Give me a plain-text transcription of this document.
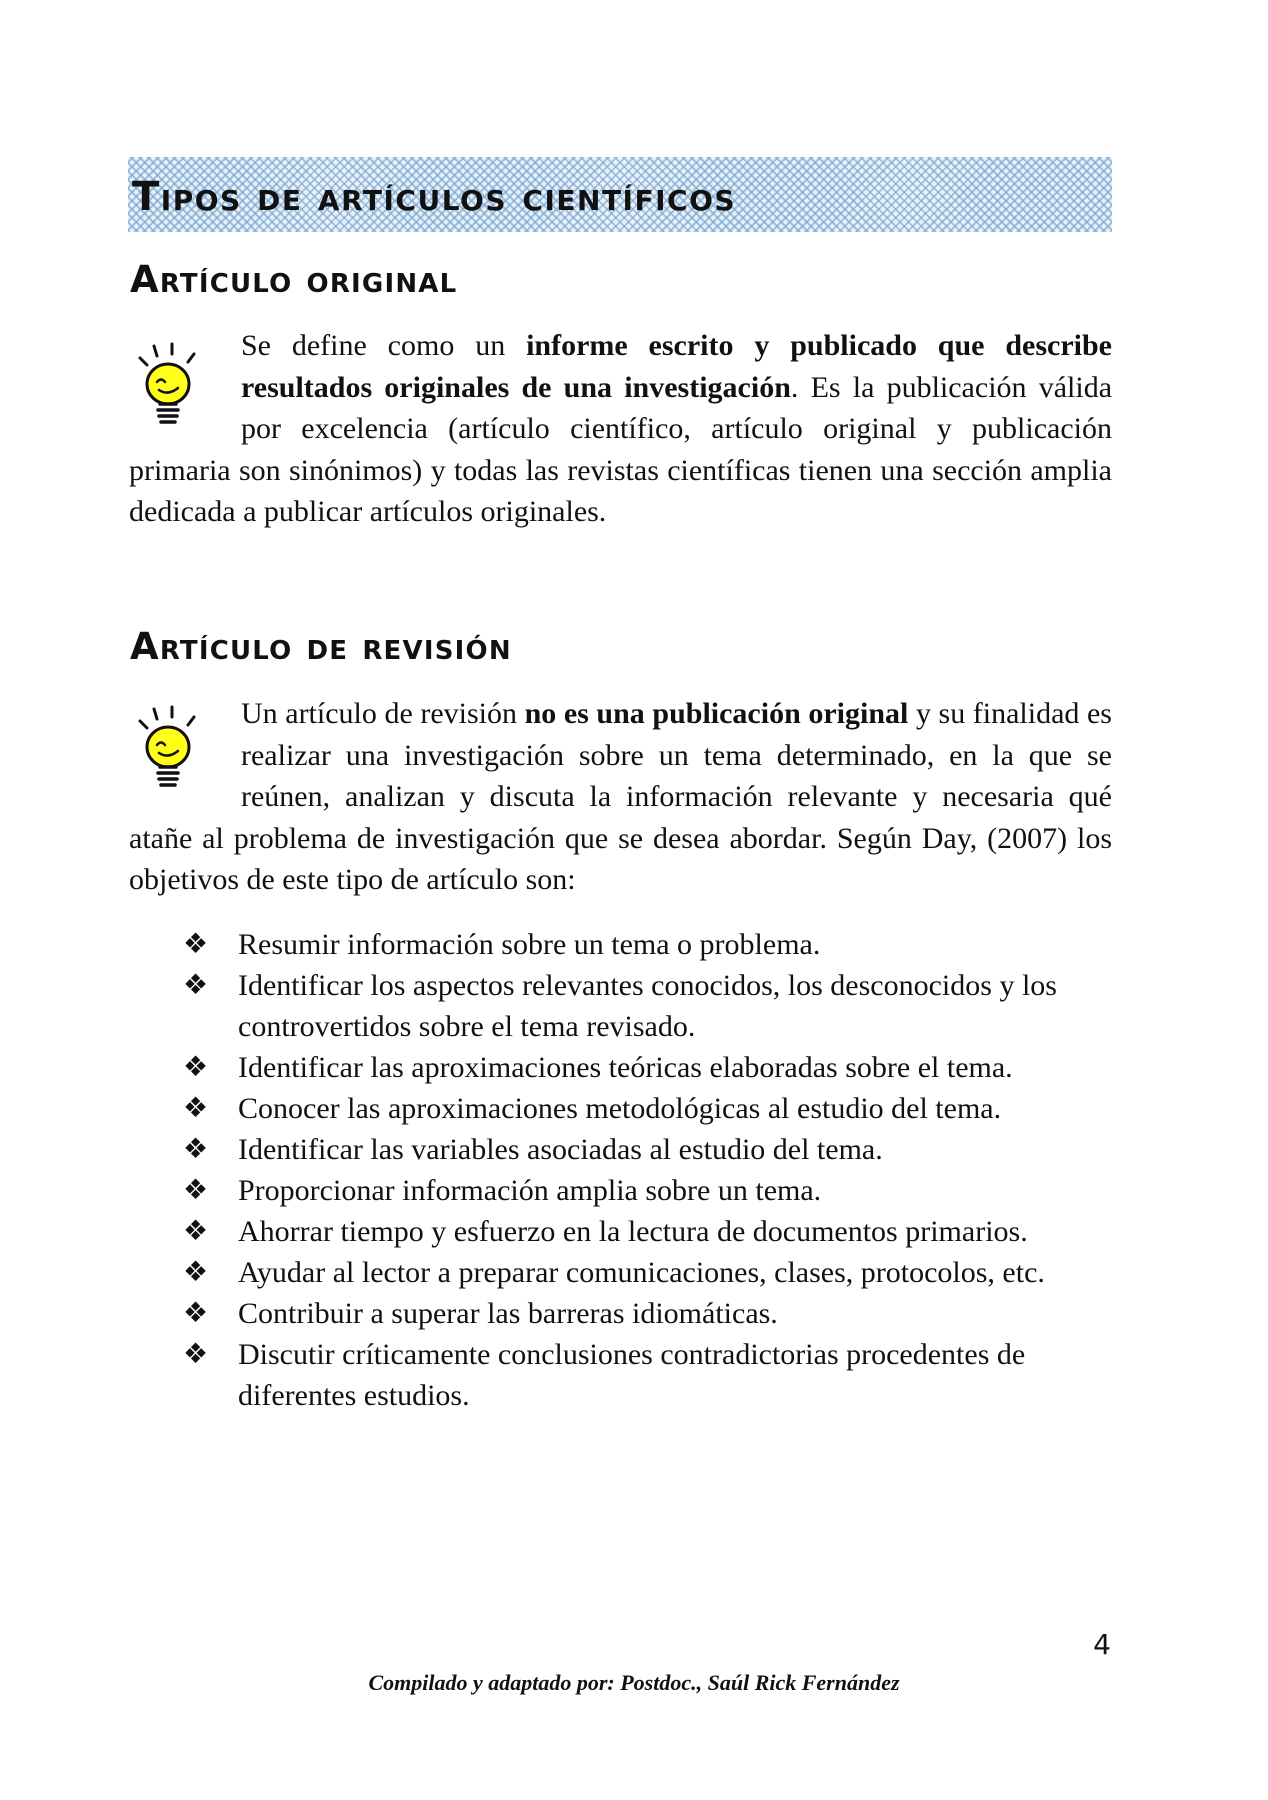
Tipos de artículos científicos
Artículo original

Se define como un informe escrito y publicado que describe resultados originales de una investigación. Es la publicación válida por excelencia (artículo científico, artículo original y publicación primaria son sinónimos) y todas las revistas científicas tienen una sección amplia dedicada a publicar artículos originales.

Artículo de revisión

Un artículo de revisión no es una publicación original y su finalidad es realizar una investigación sobre un tema determinado, en la que se reúnen, analizan y discuta la información relevante y necesaria qué atañe al problema de investigación que se desea abordar. Según Day, (2007) los objetivos de este tipo de artículo son:

❖ Resumir información sobre un tema o problema.
❖ Identificar los aspectos relevantes conocidos, los desconocidos y los controvertidos sobre el tema revisado.
❖ Identificar las aproximaciones teóricas elaboradas sobre el tema.
❖ Conocer las aproximaciones metodológicas al estudio del tema.
❖ Identificar las variables asociadas al estudio del tema.
❖ Proporcionar información amplia sobre un tema.
❖ Ahorrar tiempo y esfuerzo en la lectura de documentos primarios.
❖ Ayudar al lector a preparar comunicaciones, clases, protocolos, etc.
❖ Contribuir a superar las barreras idiomáticas.
❖ Discutir críticamente conclusiones contradictorias procedentes de diferentes estudios.
4
Compilado y adaptado por: Postdoc., Saúl Rick Fernández
